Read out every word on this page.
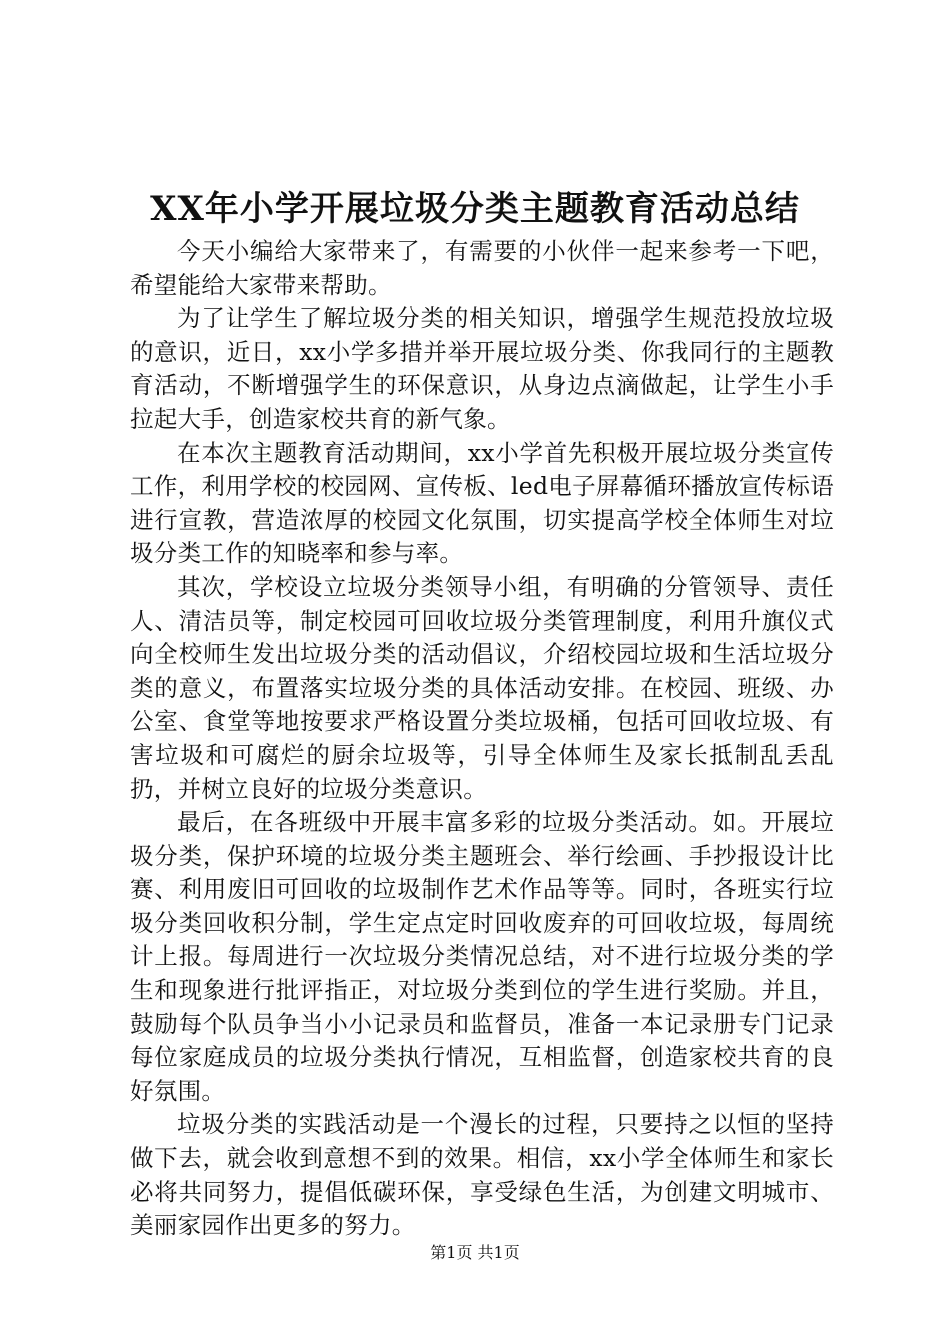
XX年小学开展垃圾分类主题教育活动总结

今天小编给大家带来了，有需要的小伙伴一起来参考一下吧，希望能给大家带来帮助。

为了让学生了解垃圾分类的相关知识，增强学生规范投放垃圾的意识，近日，xx小学多措并举开展垃圾分类、你我同行的主题教育活动，不断增强学生的环保意识，从身边点滴做起，让学生小手拉起大手，创造家校共育的新气象。

在本次主题教育活动期间，xx小学首先积极开展垃圾分类宣传工作，利用学校的校园网、宣传板、led电子屏幕循环播放宣传标语进行宣教，营造浓厚的校园文化氛围，切实提高学校全体师生对垃圾分类工作的知晓率和参与率。

其次，学校设立垃圾分类领导小组，有明确的分管领导、责任人、清洁员等，制定校园可回收垃圾分类管理制度，利用升旗仪式向全校师生发出垃圾分类的活动倡议，介绍校园垃圾和生活垃圾分类的意义，布置落实垃圾分类的具体活动安排。在校园、班级、办公室、食堂等地按要求严格设置分类垃圾桶，包括可回收垃圾、有害垃圾和可腐烂的厨余垃圾等，引导全体师生及家长抵制乱丢乱扔，并树立良好的垃圾分类意识。

最后，在各班级中开展丰富多彩的垃圾分类活动。如。开展垃圾分类，保护环境的垃圾分类主题班会、举行绘画、手抄报设计比赛、利用废旧可回收的垃圾制作艺术作品等等。同时，各班实行垃圾分类回收积分制，学生定点定时回收废弃的可回收垃圾，每周统计上报。每周进行一次垃圾分类情况总结，对不进行垃圾分类的学生和现象进行批评指正，对垃圾分类到位的学生进行奖励。并且，鼓励每个队员争当小小记录员和监督员，准备一本记录册专门记录每位家庭成员的垃圾分类执行情况，互相监督，创造家校共育的良好氛围。

垃圾分类的实践活动是一个漫长的过程，只要持之以恒的坚持做下去，就会收到意想不到的效果。相信，xx小学全体师生和家长必将共同努力，提倡低碳环保，享受绿色生活，为创建文明城市、美丽家园作出更多的努力。

第1页 共1页
